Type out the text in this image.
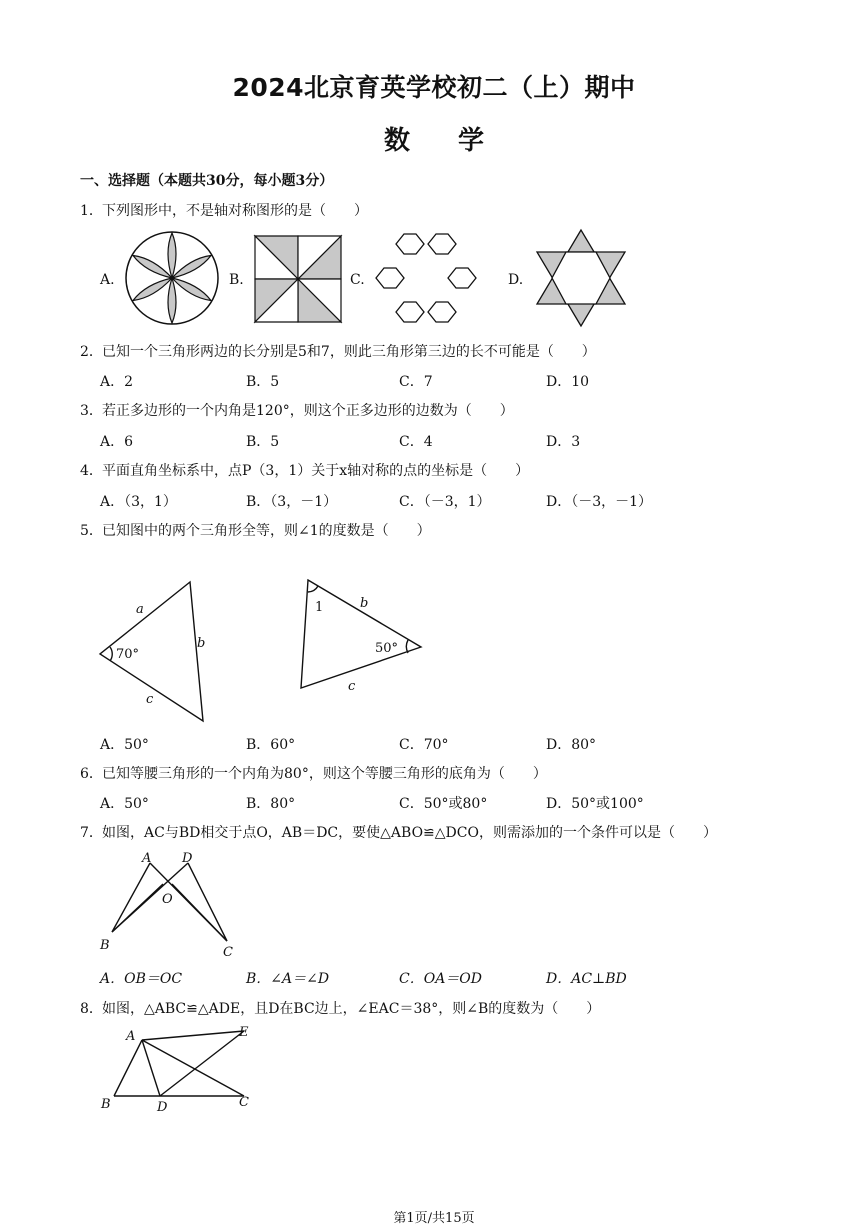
2024北京育英学校初二（上）期中
数 学
一、选择题（本题共30分，每小题3分）
1．下列图形中，不是轴对称图形的是（　　）
A.	B.	C.	D.
2．已知一个三角形两边的长分别是5和7，则此三角形第三边的长不可能是（　　）
A．2	B．5	C．7	D．10
3．若正多边形的一个内角是120°，则这个正多边形的边数为（　　）
A．6	B．5	C．4	D．3
4．平面直角坐标系中，点P（3，1）关于x轴对称的点的坐标是（　　）
A．（3，1）	B．（3，－1）	C．（－3，1）	D．（－3，－1）
5．已知图中的两个三角形全等，则∠1的度数是（　　）
a
b
c
70°
1	b
50°
c
A．50°	B．60°	C．70°	D．80°
6．已知等腰三角形的一个内角为80°，则这个等腰三角形的底角为（　　）
A．50°	B．80°	C．50°或80°	D．50°或100°
7．如图，AC与BD相交于点O，AB＝DC，要使△ABO≌△DCO，则需添加的一个条件可以是（　　）
A D
O
B	C
A．OB＝OC	B．∠A＝∠D	C．OA＝OD	D．AC⊥BD
8．如图，△ABC≌△ADE，且D在BC边上，∠EAC＝38°，则∠B的度数为（　　）
A	E
B	D	C
第1页/共15页
